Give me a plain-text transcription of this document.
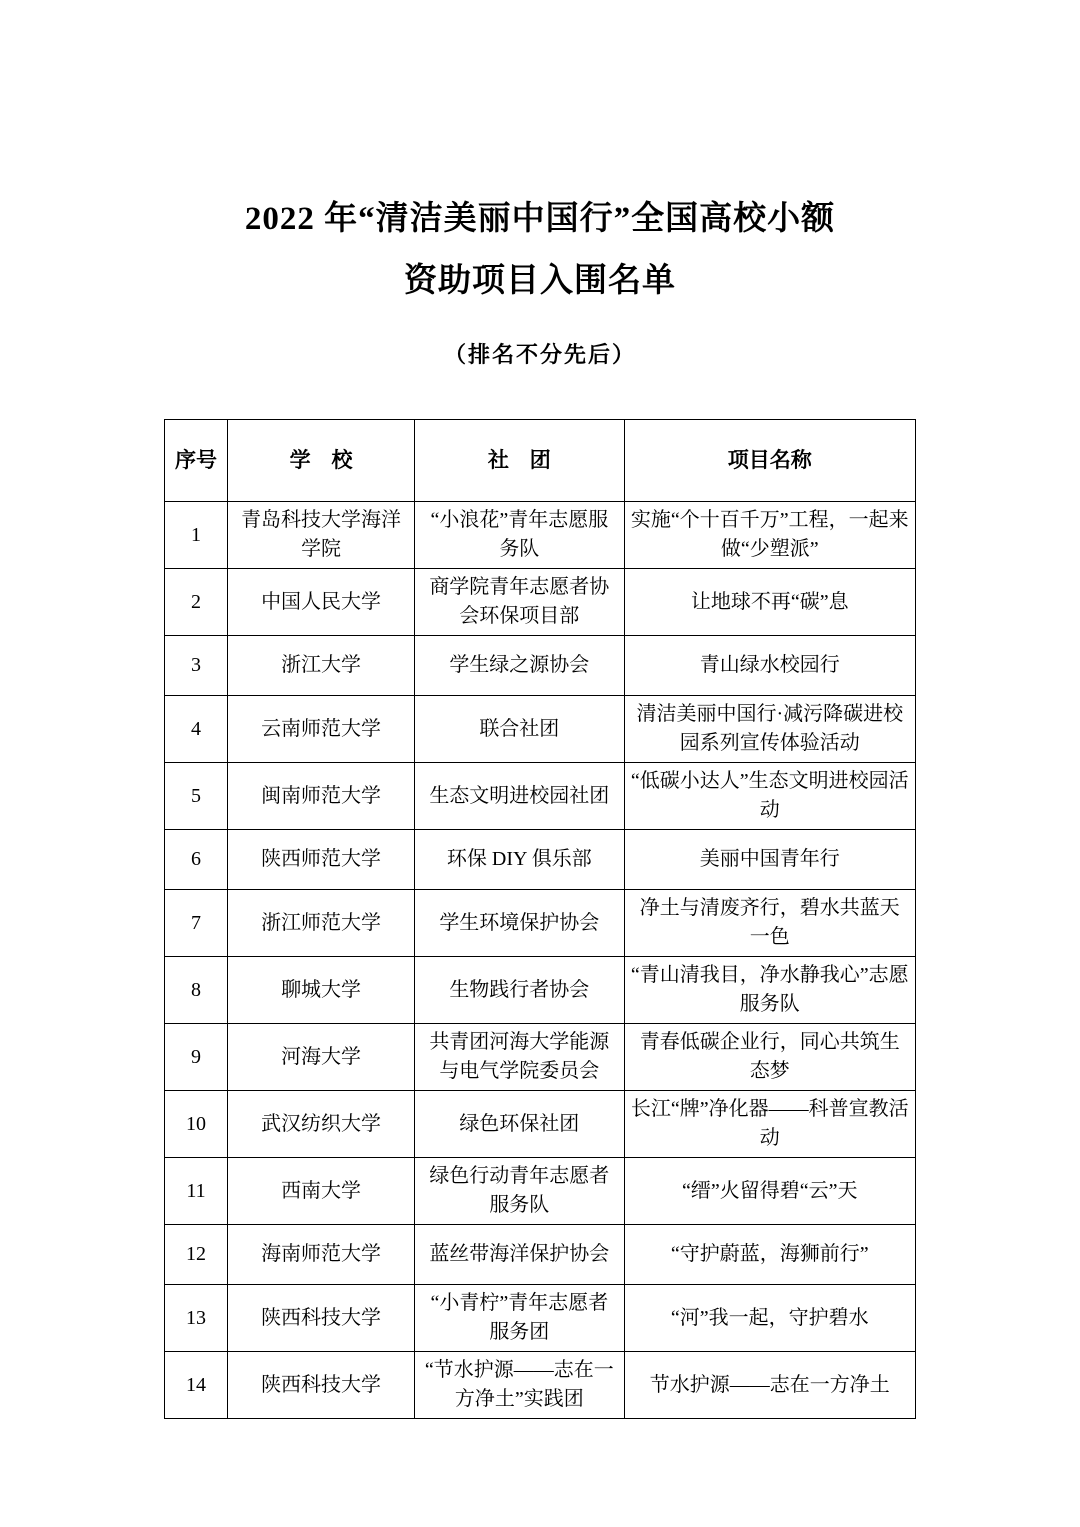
2022 年“清洁美丽中国行”全国高校小额
资助项目入围名单
（排名不分先后）
序号	学　校	社　团	项目名称
1	青岛科技大学海洋学院	“小浪花”青年志愿服务队	实施“个十百千万”工程，一起来做“少塑派”
2	中国人民大学	商学院青年志愿者协会环保项目部	让地球不再“碳”息
3	浙江大学	学生绿之源协会	青山绿水校园行
4	云南师范大学	联合社团	清洁美丽中国行·减污降碳进校园系列宣传体验活动
5	闽南师范大学	生态文明进校园社团	“低碳小达人”生态文明进校园活动
6	陕西师范大学	环保 DIY 俱乐部	美丽中国青年行
7	浙江师范大学	学生环境保护协会	净土与清废齐行，碧水共蓝天一色
8	聊城大学	生物践行者协会	“青山清我目，净水静我心”志愿服务队
9	河海大学	共青团河海大学能源与电气学院委员会	青春低碳企业行，同心共筑生态梦
10	武汉纺织大学	绿色环保社团	长江“牌”净化器——科普宣教活动
11	西南大学	绿色行动青年志愿者服务队	“缙”火留得碧“云”天
12	海南师范大学	蓝丝带海洋保护协会	“守护蔚蓝，海狮前行”
13	陕西科技大学	“小青柠”青年志愿者服务团	“河”我一起，守护碧水
14	陕西科技大学	“节水护源——志在一方净土”实践团	节水护源——志在一方净土
